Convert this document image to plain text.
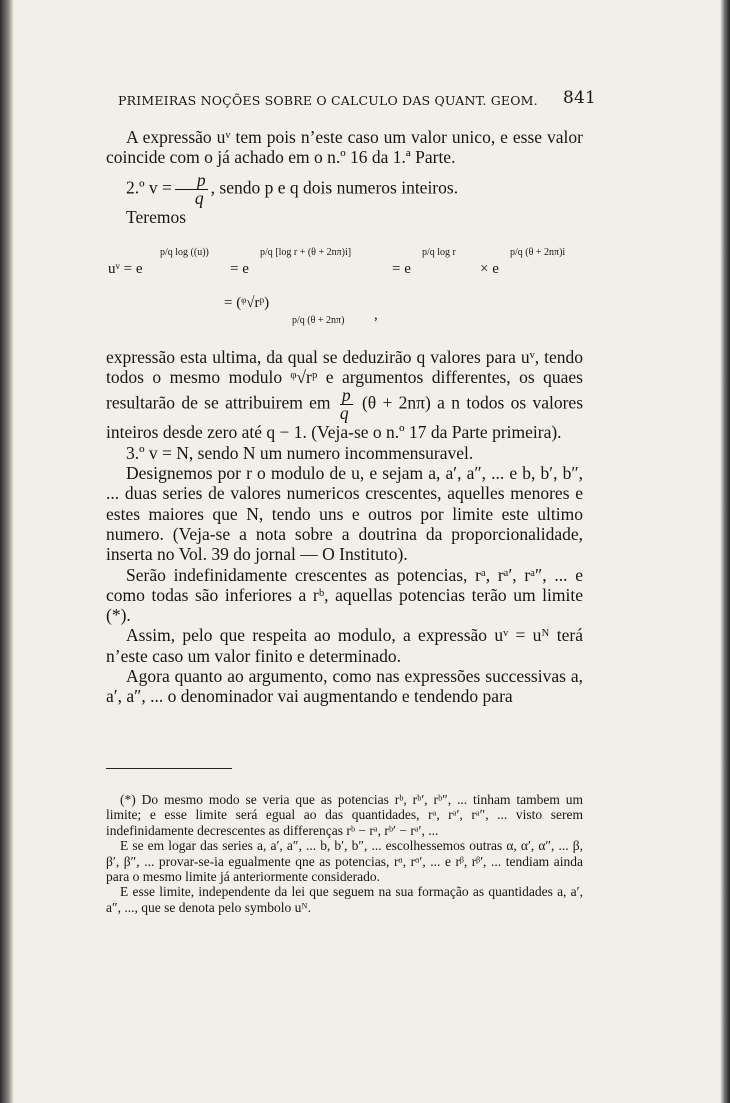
PRIMEIRAS NOÇÕES SOBRE O CALCULO DAS QUANT. GEOM. 841

A expressão uᵛ tem pois n’este caso um valor unico, e esse valor coincide com o já achado em o n.º 16 da 1.ª Parte.

2.º $v = \frac{p}{q}$ , sendo p e q dois numeros inteiros.

Teremos

uᵛ = e
p/q log ((u))
= e
p/q [log r + (θ + 2nπ)i]
= e
p/q log r
× e
p/q (θ + 2nπ)i
= (ᵠ√rᵖ)
p/q (θ + 2nπ) ,

expressão esta ultima, da qual se deduzirão q valores para uᵛ, tendo todos o mesmo modulo ᵠ√rᵖ e argumentos differentes, os quaes resultarão de se attribuirem em $\frac{p}{q} (\theta + 2n\pi)$ a n todos os valores inteiros desde zero até q − 1. (Veja-se o n.º 17 da Parte primeira).

3.º v = N, sendo N um numero incommensuravel.

Designemos por r o modulo de u, e sejam a, a′, a″, ... e b, b′, b″, ... duas series de valores numericos crescentes, aquelles menores e estes maiores que N, tendo uns e outros por limite este ultimo numero. (Veja-se a nota sobre a doutrina da proporcionalidade, inserta no Vol. 39 do jornal — O Instituto).

Serão indefinidamente crescentes as potencias, rᵃ, rᵃ′, rᵃ″, ... e como todas são inferiores a rᵇ, aquellas potencias terão um limite (*).

Assim, pelo que respeita ao modulo, a expressão uᵛ = uᴺ terá n’este caso um valor finito e determinado.

Agora quanto ao argumento, como nas expressões successivas a, a′, a″, ... o denominador vai augmentando e tendendo para

(*) Do mesmo modo se veria que as potencias rᵇ, rᵇ′, rᵇ″, ... tinham tambem um limite; e esse limite será egual ao das quantidades, rᵃ, rᵃ′, rᵃ″, ... visto serem indefinidamente decrescentes as differenças rᵇ − rᵃ, rᵇ′ − rᵃ′, ...

E se em logar das series a, a′, a″, ... b, b′, b″, ... escolhessemos outras α, α′, α″, ... β, β′, β″, ... provar-se-ia egualmente qne as potencias, rᵅ, rᵅ′, ... e rᵝ, rᵝ′, ... tendiam ainda para o mesmo limite já anteriormente considerado.

E esse limite, independente da lei que seguem na sua formação as quantidades a, a′, a″, ..., que se denota pelo symbolo uᴺ.
